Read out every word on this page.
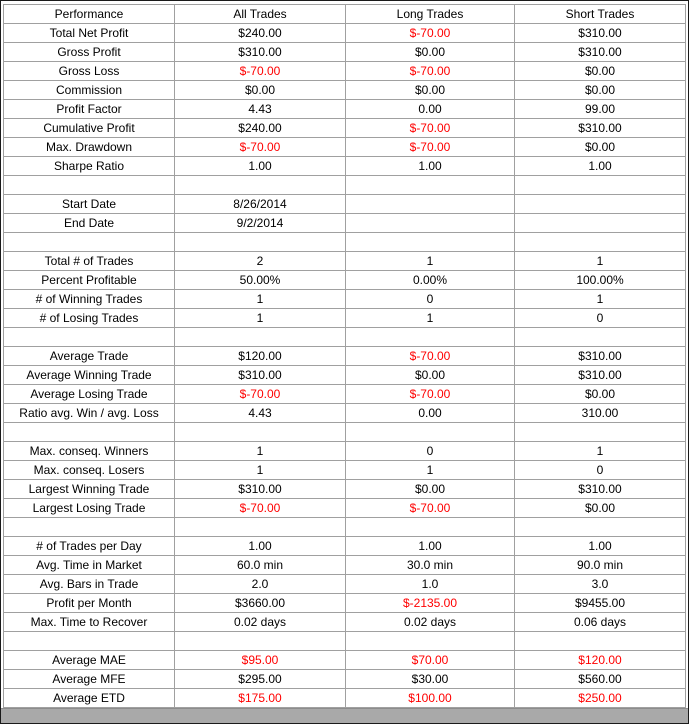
Performance	All Trades	Long Trades	Short Trades
Total Net Profit	$240.00	$-70.00	$310.00
Gross Profit	$310.00	$0.00	$310.00
Gross Loss	$-70.00	$-70.00	$0.00
Commission	$0.00	$0.00	$0.00
Profit Factor	4.43	0.00	99.00
Cumulative Profit	$240.00	$-70.00	$310.00
Max. Drawdown	$-70.00	$-70.00	$0.00
Sharpe Ratio	1.00	1.00	1.00

Start Date	8/26/2014		
End Date	9/2/2014		

Total # of Trades	2	1	1
Percent Profitable	50.00%	0.00%	100.00%
# of Winning Trades	1	0	1
# of Losing Trades	1	1	0

Average Trade	$120.00	$-70.00	$310.00
Average Winning Trade	$310.00	$0.00	$310.00
Average Losing Trade	$-70.00	$-70.00	$0.00
Ratio avg. Win / avg. Loss	4.43	0.00	310.00

Max. conseq. Winners	1	0	1
Max. conseq. Losers	1	1	0
Largest Winning Trade	$310.00	$0.00	$310.00
Largest Losing Trade	$-70.00	$-70.00	$0.00

# of Trades per Day	1.00	1.00	1.00
Avg. Time in Market	60.0 min	30.0 min	90.0 min
Avg. Bars in Trade	2.0	1.0	3.0
Profit per Month	$3660.00	$-2135.00	$9455.00
Max. Time to Recover	0.02 days	0.02 days	0.06 days

Average MAE	$95.00	$70.00	$120.00
Average MFE	$295.00	$30.00	$560.00
Average ETD	$175.00	$100.00	$250.00
